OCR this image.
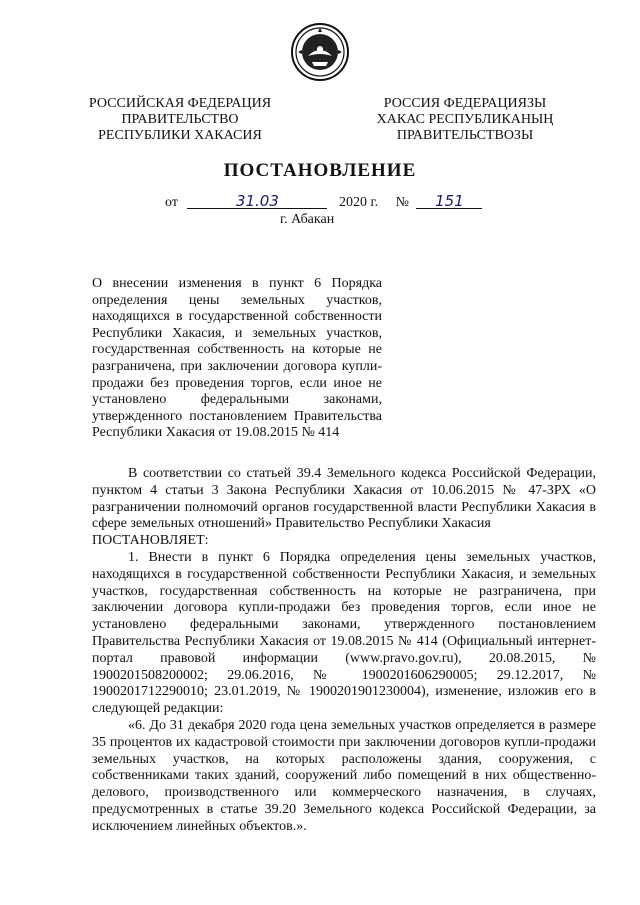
РОССИЙСКАЯ ФЕДЕРАЦИЯ
ПРАВИТЕЛЬСТВО
РЕСПУБЛИКИ ХАКАСИЯ
РОССИЯ ФЕДЕРАЦИЯЗЫ
ХАКАС РЕСПУБЛИКАНЫҢ
ПРАВИТЕЛЬСТВОЗЫ
ПОСТАНОВЛЕНИЕ
от	31.03	2020 г. № 151
г. Абакан
О внесении изменения в пункт 6 Порядка определения цены земельных участков, находящихся в государственной собственности Республики Хакасия, и земельных участков, государственная собственность на которые не разграничена, при заключении договора купли-продажи без проведения торгов, если иное не установлено федеральными законами, утвержденного постановлением Правительства Республики Хакасия от 19.08.2015 № 414

В соответствии со статьей 39.4 Земельного кодекса Российской Федерации, пунктом 4 статьи 3 Закона Республики Хакасия от 10.06.2015 № 47-ЗРХ «О разграничении полномочий органов государственной власти Республики Хакасия в сфере земельных отношений» Правительство Республики Хакасия

ПОСТАНОВЛЯЕТ:

1. Внести в пункт 6 Порядка определения цены земельных участков, находящихся в государственной собственности Республики Хакасия, и земельных участков, государственная собственность на которые не разграничена, при заключении договора купли-продажи без проведения торгов, если иное не установлено федеральными законами, утвержденного постановлением Правительства Республики Хакасия от 19.08.2015 № 414 (Официальный интернет-портал правовой информации (www.pravo.gov.ru), 20.08.2015, № 1900201508200002; 29.06.2016, № 1900201606290005; 29.12.2017, № 1900201712290010; 23.01.2019, № 1900201901230004), изменение, изложив его в следующей редакции:

«6. До 31 декабря 2020 года цена земельных участков определяется в размере 35 процентов их кадастровой стоимости при заключении договоров купли-продажи земельных участков, на которых расположены здания, сооружения, с собственниками таких зданий, сооружений либо помещений в них общественно-делового, производственного или коммерческого назначения, в случаях, предусмотренных в статье 39.20 Земельного кодекса Российской Федерации, за исключением линейных объектов.».
